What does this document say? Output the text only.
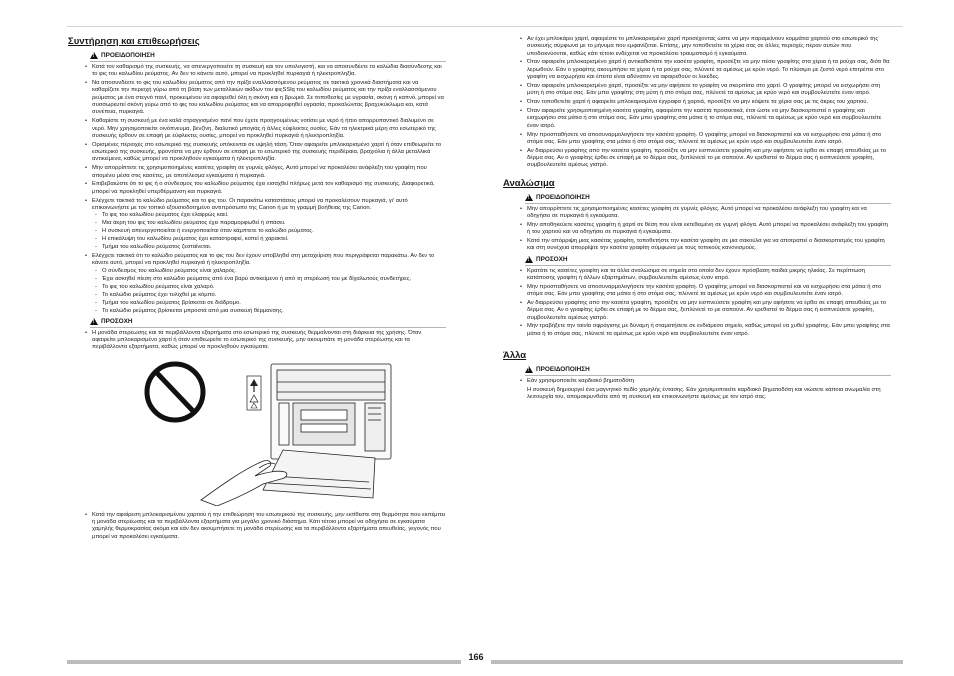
Συντήρηση και επιθεωρήσεις
!
ΠΡΟΕΙΔΟΠΟΙΗΣΗ
• Κατά τον καθαρισμό της συσκευής, να απενεργοποιείτε τη συσκευή και τον υπολογιστή, και να αποσυνδέετε τα καλώδια διασύνδεσης και το φις του καλωδίου ρεύματος. Αν δεν το κάνετε αυτό, μπορεί να προκληθεί πυρκαγιά ή ηλεκτροπληξία.
• Να αποσυνδέετε το φις του καλωδίου ρεύματος από την πρίζα εναλλασσόμενου ρεύματος σε τακτικά χρονικά διαστήματα και να καθαρίζετε την περιοχή γύρω από τη βάση των μεταλλικών ακίδων του φιςSSlq του καλωδίου ρεύματος και την πρίζα εναλλασσόμενου ρεύματος με ένα στεγνό πανί, προκειμένου να αφαιρεθεί όλη η σκόνη και η βρωμιά. Σε τοποθεσίες με υγρασία, σκόνη ή καπνό, μπορεί να συσσωρευτεί σκόνη γύρω από το φις του καλωδίου ρεύματος και να απορροφηθεί υγρασία, προκαλώντας βραχυκύκλωμα και, κατά συνέπεια, πυρκαγιά.
• Καθαρίστε τη συσκευή με ένα καλά στραγγισμένο πανί που έχετε προηγουμένως νοτίσει με νερό ή ήπιο απορρυπαντικό διαλυμένο σε νερό. Μην χρησιμοποιείτε οινόπνευμα, βενζίνη, διαλυτικό μπογιάς ή άλλες εύφλεκτες ουσίες. Εάν τα ηλεκτρικά μέρη στο εσωτερικό της συσκευής έρθουν σε επαφή με εύφλεκτες ουσίες, μπορεί να προκληθεί πυρκαγιά ή ηλεκτροπληξία.
• Ορισμένες περιοχές στο εσωτερικό της συσκευής υπόκεινται σε υψηλή τάση. Όταν αφαιρείτε μπλοκαρισμένο χαρτί ή όταν επιθεωρείτε το εσωτερικό της συσκευής, φροντίστε να μην έρθουν σε επαφή με το εσωτερικό της συσκευής περιδέραια, βραχιόλια ή άλλα μεταλλικά αντικείμενα, καθώς μπορεί να προκληθούν εγκαύματα ή ηλεκτροπληξία.
• Μην απορρίπτετε τις χρησιμοποιημένες κασέτες γραφίτη σε γυμνές φλόγες. Αυτό μπορεί να προκαλέσει ανάφλεξη του γραφίτη που απομένει μέσα στις κασέτες, με αποτέλεσμα εγκαύματα ή πυρκαγιά.
• Επιβεβαιώστε ότι το φις ή ο σύνδεσμος του καλωδίου ρεύματος έχει εισαχθεί πλήρως μετά τον καθαρισμό της συσκευής. Διαφορετικά, μπορεί να προκληθεί υπερθέρμανση και πυρκαγιά.
• Ελέγχετε τακτικά το καλώδιο ρεύματος και το φις του. Οι παρακάτω καταστάσεις μπορεί να προκαλέσουν πυρκαγιά, γι' αυτό επικοινωνήστε με τον τοπικό εξουσιοδοτημένο αντιπρόσωπο της Canon ή με τη γραμμή βοήθειας της Canon.
- Το φις του καλωδίου ρεύματος έχει ελαφρώς καεί.
- Μια άκρη του φις του καλωδίου ρεύματος έχει παραμορφωθεί ή σπάσει.
- Η συσκευή απενεργοποιείται ή ενεργοποιείται όταν κάμπτετε το καλώδιο ρεύματος.
- Η επικάλυψη του καλωδίου ρεύματος έχει καταστραφεί, κοπεί ή χαρακτεί.
- Τμήμα του καλωδίου ρεύματος ζεσταίνεται.
• Ελέγχετε τακτικά ότι το καλώδιο ρεύματος και το φις του δεν έχουν υποβληθεί στη μεταχείριση που περιγράφεται παρακάτω. Αν δεν το κάνετε αυτό, μπορεί να προκληθεί πυρκαγιά ή ηλεκτροπληξία.
- Ο σύνδεσμος του καλωδίου ρεύματος είναι χαλαρός.
- Έχει ασκηθεί πίεση στο καλώδιο ρεύματος από ένα βαρύ αντικείμενο ή από τη στερέωσή του με δίχαλωτούς συνδετήρες.
- Το φις του καλωδίου ρεύματος είναι χαλαρό.
- Το καλώδιο ρεύματος έχει τυλιχθεί με κόμπο.
- Τμήμα του καλωδίου ρεύματος βρίσκεται σε διάδρομο.
- Το καλώδιο ρεύματος βρίσκεται μπροστά από μια συσκευή θέρμανσης.
!
ΠΡΟΣΟΧΗ
• Η μονάδα στερέωσης και τα περιβάλλοντα εξαρτήματα στο εσωτερικό της συσκευής θερμαίνονται στη διάρκεια της χρήσης. Όταν αφαιρείτε μπλοκαρισμένο χαρτί ή όταν επιθεωρείτε το εσωτερικό της συσκευής, μην ακουμπάτε τη μονάδα στερέωσης και τα περιβάλλοντα εξαρτήματα, καθώς μπορεί να προκληθούν εγκαύματα.
• Κατά την αφαίρεση μπλοκαρισμένου χαρτιού ή την επιθεώρηση του εσωτερικού της συσκευής, μην εκτίθεστε στη θερμότητα που εκπέμπει η μονάδα στερέωσης και τα περιβάλλοντα εξαρτήματα για μεγάλο χρονικό διάστημα. Κάτι τέτοιο μπορεί να οδηγήσει σε εγκαύματα χαμηλής θερμοκρασίας ακόμα και εάν δεν ακουμπήσετε τη μονάδα στερέωσης και τα περιβάλλοντα εξαρτήματα απευθείας, γεγονός που μπορεί να προκαλέσει εγκαύματα.
• Αν έχει μπλοκάρει χαρτί, αφαιρέστε το μπλοκαρισμένο χαρτί προσέχοντας ώστε να μην παραμείνουν κομμάτια χαρτιού στο εσωτερικό της συσκευής σύμφωνα με το μήνυμα που εμφανίζεται. Επίσης, μην τοποθετείτε τα χέρια σας σε άλλες περιοχές πέραν αυτών που υποδεικνύονται, καθώς κάτι τέτοιο ενδέχεται να προκαλέσει τραυματισμό ή εγκαύματα.
• Όταν αφαιρείτε μπλοκαρισμένο χαρτί ή αντικαθιστάτε την κασέτα γραφίτη, προσέξτε να μην πέσει γραφίτης στα χέρια ή τα ρούχα σας, διότι θα λερωθούν. Εάν ο γραφίτης ακουμπήσει τα χέρια ή τα ρούχα σας, πλύνετέ τα αμέσως με κρύο νερό. Το πλύσιμο με ζεστό νερό επιτρέπει στο γραφίτη να εισχωρήσει και έπειτα είναι αδύνατον να αφαιρεθούν οι λεκέδες.
• Όταν αφαιρείτε μπλοκαρισμένο χαρτί, προσέξτε να μην αφήσετε το γραφίτη να σκορπίσει στο χαρτί. Ο γραφίτης μπορεί να εισχωρήσει στη μύτη ή στο στόμα σας. Εάν μπει γραφίτης στη μύτη ή στο στόμα σας, πλύνετέ τα αμέσως με κρύο νερό και συμβουλευτείτε έναν ιατρό.
• Όταν τοποθετείτε χαρτί ή αφαιρείτε μπλοκαρισμένα έγγραφα ή χαρτιά, προσέξτε να μην κόψετε τα χέρια σας με τις άκρες του χαρτιού.
• Όταν αφαιρείτε χρησιμοποιημένη κασέτα γραφίτη, αφαιρέστε την κασέτα προσεκτικά, έτσι ώστε να μην διασκορπιστεί ο γραφίτης και εισχωρήσει στα μάτια ή στο στόμα σας. Εάν μπει γραφίτης στα μάτια ή το στόμα σας, πλύνετέ τα αμέσως με κρύο νερό και συμβουλευτείτε έναν ιατρό.
• Μην προσπαθήσετε να αποσυναρμολογήσετε την κασέτα γραφίτη. Ο γραφίτης μπορεί να διασκορπιστεί και να εισχωρήσει στα μάτια ή στο στόμα σας. Εάν μπει γραφίτης στα μάτια ή στο στόμα σας, πλύνετέ τα αμέσως με κρύο νερό και συμβουλευτείτε έναν ιατρό.
• Αν διαρρεύσει γραφίτης από την κασέτα γραφίτη, προσέξτε να μην εισπνεύσετε γραφίτη και μην αφήσετε να έρθει σε επαφή απευθείας με το δέρμα σας. Αν ο γραφίτης έρθει σε επαφή με το δέρμα σας, ξεπλύνετέ το με σαπούνι. Αν ερεθιστεί το δέρμα σας ή εισπνεύσετε γραφίτη, συμβουλευτείτε αμέσως γιατρό.
Αναλώσιμα
!
ΠΡΟΕΙΔΟΠΟΙΗΣΗ
• Μην απορρίπτετε τις χρησιμοποιημένες κασέτες γραφίτη σε γυμνές φλόγες. Αυτό μπορεί να προκαλέσει ανάφλεξη του γραφίτη και να οδηγήσει σε πυρκαγιά ή εγκαύματα.
• Μην αποθηκεύετε κασέτες γραφίτη ή χαρτί σε θέση που είναι εκτεθειμένη σε γυμνή φλόγα. Αυτό μπορεί να προκαλέσει ανάφλεξη του γραφίτη ή του χαρτιού και να οδηγήσει σε πυρκαγιά ή εγκαύματα.
• Κατά την απόρριψη μιας κασέτας γραφίτη, τοποθετήστε την κασέτα γραφίτη σε μια σακούλα για να αποτραπεί ο διασκορπισμός του γραφίτη και στη συνέχεια απορρίψτε την κασέτα γραφίτη σύμφωνα με τους τοπικούς κανονισμούς.
!
ΠΡΟΣΟΧΗ
• Κρατάτε τις κασέτες γραφίτη και τα άλλα αναλώσιμα σε σημεία στα οποία δεν έχουν πρόσβαση παιδιά μικρής ηλικίας. Σε περίπτωση κατάποσης γραφίτη ή άλλων εξαρτημάτων, συμβουλευτείτε αμέσως έναν ιατρό.
• Μην προσπαθήσετε να αποσυναρμολογήσετε την κασέτα γραφίτη. Ο γραφίτης μπορεί να διασκορπιστεί και να εισχωρήσει στα μάτια ή στο στόμα σας. Εάν μπει γραφίτης στα μάτια ή στο στόμα σας, πλύνετέ τα αμέσως με κρύο νερό και συμβουλευτείτε έναν ιατρό.
• Αν διαρρεύσει γραφίτης από την κασέτα γραφίτη, προσέξτε να μην εισπνεύσετε γραφίτη και μην αφήσετε να έρθει σε επαφή απευθείας με το δέρμα σας. Αν ο γραφίτης έρθει σε επαφή με το δέρμα σας, ξεπλύνετέ το με σαπούνι. Αν ερεθιστεί το δέρμα σας ή εισπνεύσετε γραφίτη, συμβουλευτείτε αμέσως γιατρό.
• Μην τραβήξετε την ταινία σφράγισης με δύναμη ή σταματήσετε σε ενδιάμεσο σημείο, καθώς μπορεί να χυθεί γραφίτης. Εάν μπει γραφίτης στα μάτια ή το στόμα σας, πλύνετέ τα αμέσως με κρύο νερό και συμβουλευτείτε έναν ιατρό.
Άλλα
!
ΠΡΟΕΙΔΟΠΟΙΗΣΗ
• Εάν χρησιμοποιείτε καρδιακό βηματοδότη
Η συσκευή δημιουργεί ένα μαγνητικό πεδίο χαμηλής έντασης. Εάν χρησιμοποιείτε καρδιακό βηματοδότη και νιώσετε κάποια ανωμαλία στη λειτουργία του, απομακρυνθείτε από τη συσκευή και επικοινωνήστε αμέσως με τον ιατρό σας.
166
